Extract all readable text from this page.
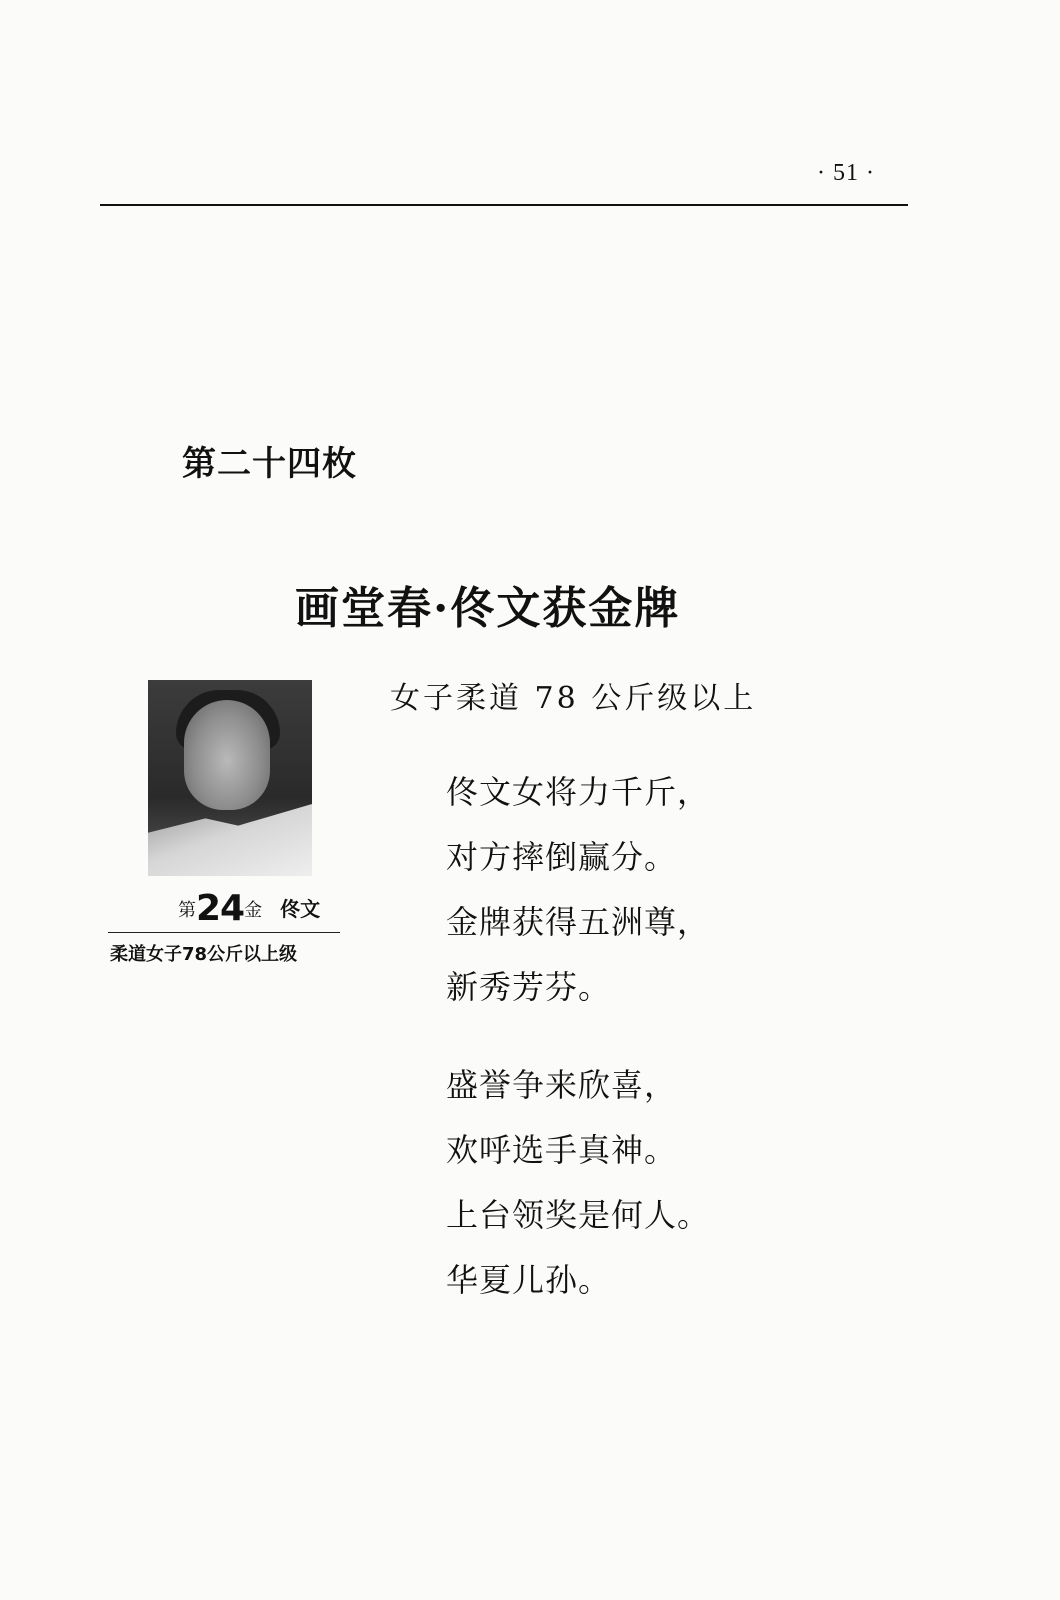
· 51 ·
第二十四枚
画堂春·佟文获金牌
女子柔道 78 公斤级以上
第24金 佟文
柔道女子78公斤以上级
佟文女将力千斤，
对方摔倒赢分。
金牌获得五洲尊，
新秀芳芬。
盛誉争来欣喜，
欢呼选手真神。
上台领奖是何人。
华夏儿孙。
